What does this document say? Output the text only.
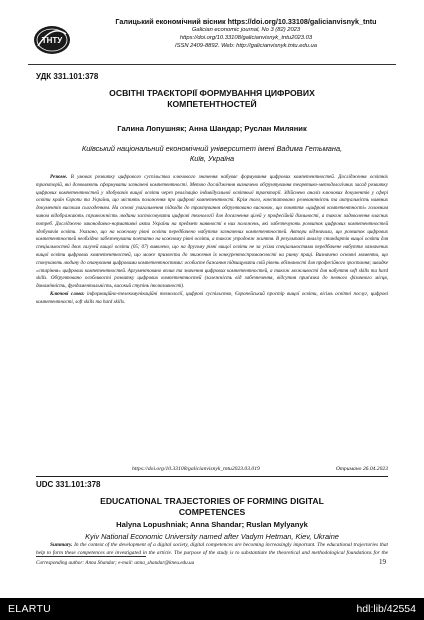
ТНТУ
Галицький економічний вісник https://doi.org/10.33108/galicianvisnyk_tntu
Galician economic journal, No 3 (82) 2023
https://doi.org/10.33108/galicianvisnyk_tntu2023.03
ISSN 2409-8892. Web: http://galicianvisnyk.tntu.edu.ua
УДК 331.101:378
ОСВІТНІ ТРАЄКТОРІЇ ФОРМУВАННЯ ЦИФРОВИХ
КОМПЕТЕНТНОСТЕЙ
Галина Лопушняк; Анна Шандар; Руслан Миляник
Київський національний економічний університет імені Вадима Гетьмана,
Київ, Україна
Резюме. В умовах розвитку цифрового суспільства ключового значення набуває формування цифрових компетентностей. Дослідження освітніх траєкторій, які дозволяють сформувати зазначені компетентності. Метою дослідження визначено обґрунтування теоретико-методологічних засад розвитку цифрових компетентностей у здобувачів вищої освіти через реалізацію індивідуальної освітньої траєкторії. Здійснено аналіз ключових документів у сфері освіти країн Європи та України, що містять положення про цифрові компетентності. Крім того, констатовано релевантність та актуальність наявних документів високим сьогоденням. На основі узагальнення підходів до трактування обґрунтовано висновок, що поняття «цифрові компетентності» головним чином відображають спроможність людини застосовувати цифрові технології для досягнення цілей у професійній діяльності, а також задоволення власних потреб. Досліджено законодавчо-нормативні акти України на предмет наявності в них положень, які забезпечують розвиток цифрових компетентностей здобувачів освіти. Указано, що на кожному рівні освіти передбачено набуття зазначених компетентностей. Автори відзначили, що розвиток цифрових компетентностей необхідно забезпечувати поетапно на кожному рівні освіти, а також упродовж життя. В результаті аналізу стандартів вищої освіти для спеціальностей двох галузей вищої освіти (05; 07) виявлено, що на другому рівні вищої освіти не за усіма спеціальностями передбачене набуття зазначених вищої освіти цифрових компетентностей, що може призвести до зниження їх конкурентоспроможності на ринку праці. Визначено основні моменти, що спонукають людину до опанування цифровими компетентностями: особисте бажання підвищувати свій рівень обізнаності для професійного зростання; швидке «старіння» цифрових компетентностей. Аргументовано вплив та значення цифрових компетентностей, а також можливості для набуття soft skills та hard skills. Обґрунтовано особливості розвитку цифрових компетентностей (залежність від забезпечення, відсутня прив'язка до певного фізичного місця, динамічність, фундаментальність, високий ступінь інклюзивності).
Ключові слова: інформаційно-телекомунікаційні технології, цифрові суспільство, Європейський простір вищої освіти, вісімь освітні послуг, цифрові компетентності, soft skills та hard skills.
https://doi.org/10.33108/galicianvisnyk_tntu2023.03.019	Отримано 26.04.2023
UDC 331.101:378
EDUCATIONAL TRAJECTORIES OF FORMING DIGITAL
COMPETENCES
Halyna Lopushniak; Anna Shandar; Ruslan Mylyanyk
Kyiv National Economic University named after Vadym Hetman, Kiev, Ukraine
Summary. In the context of the development of a digital society, digital competences are becoming increasingly important. The educational trajectories that help to form these competences are investigated in the article. The purpose of the study is to substantiate the theoretical and methodological foundations for the
Corresponding author: Anna Shandar; e-mail: anna_shandar@kneu.edu.ua	19
ELARTU	hdl:lib/42554
